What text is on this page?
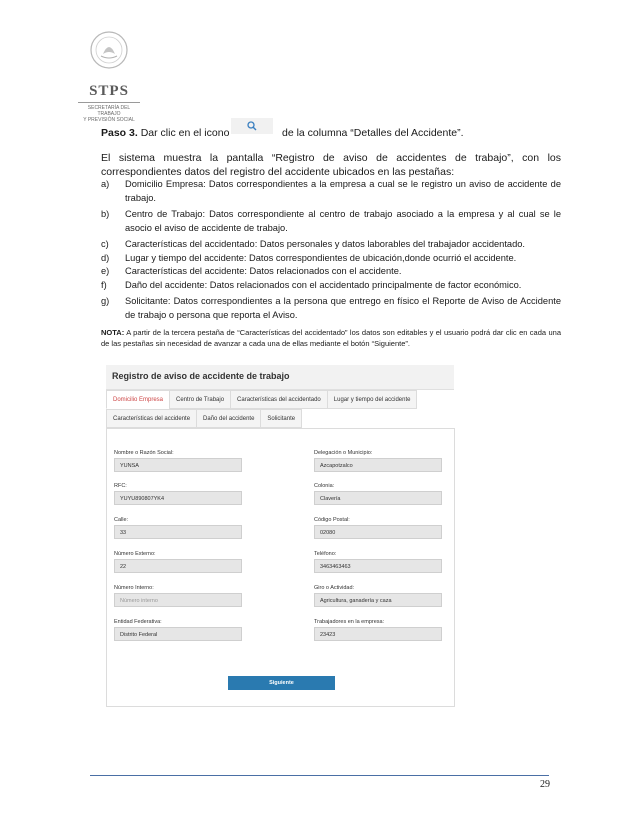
STPS
SECRETARÍA DEL TRABAJO
Y PREVISIÓN SOCIAL
Paso 3. Dar clic en el icono	de la columna “Detalles del Accidente”.
El sistema muestra la pantalla “Registro de aviso de accidentes de trabajo”, con los correspondientes datos del registro del accidente ubicados en las pestañas:
a) Domicilio Empresa: Datos correspondientes a la empresa a cual se le registro un aviso de accidente de trabajo.
b) Centro de Trabajo: Datos correspondiente al centro de trabajo asociado a la empresa y al cual se le asocio el aviso de accidente de trabajo.
c) Características del accidentado: Datos personales y datos laborables del trabajador accidentado.
d) Lugar y tiempo del accidente: Datos correspondientes de ubicación,donde ocurrió el accidente.
e) Características del accidente: Datos relacionados con el accidente.
f) Daño del accidente: Datos relacionados con el accidentado principalmente de factor económico.
g) Solicitante: Datos correspondientes a la persona que entrego en físico el Reporte de Aviso de Accidente de trabajo o persona que reporta el Aviso.
NOTA: A partir de la tercera pestaña de “Características del accidentado” los datos son editables y el usuario podrá dar clic en cada una de las pestañas sin necesidad de avanzar a cada una de ellas mediante el botón “Siguiente”.
Registro de aviso de accidente de trabajo
Domicilio Empresa	Centro de Trabajo	Características del accidentado	Lugar y tiempo del accidente
Características del accidente	Daño del accidente	Solicitante
Nombre o Razón Social:
YUNSA
RFC:
YUYU890807YK4
Calle:
33
Número Externo:
22
Número Interno:
Número interno
Entidad Federativa:
Distrito Federal
Delegación o Municipio:
Azcapotzalco
Colonia:
Clavería
Código Postal:
02080
Teléfono:
3463463463
Giro o Actividad:
Agricultura, ganadería y caza
Trabajadores en la empresa:
23423
Siguiente
29
